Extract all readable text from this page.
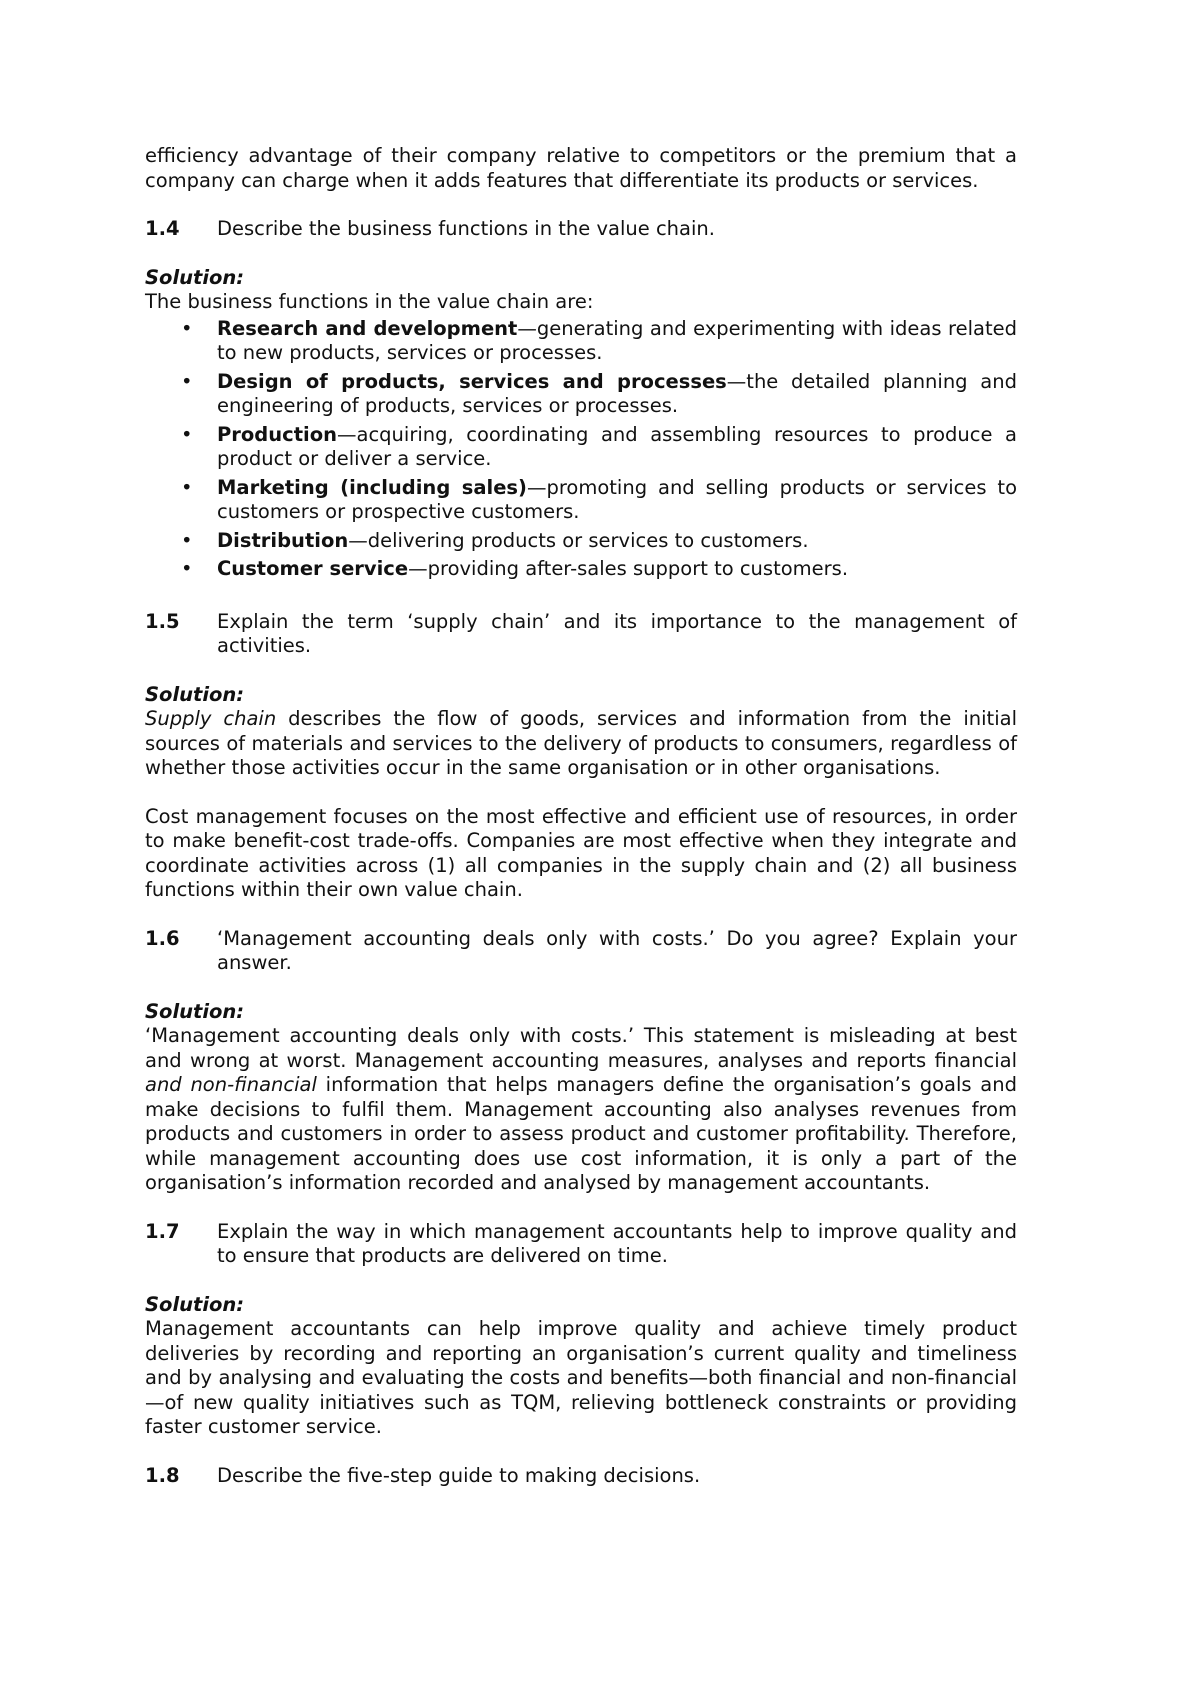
efficiency advantage of their company relative to competitors or the premium that a company can charge when it adds features that differentiate its products or services.

1.4	Describe the business functions in the value chain.

Solution:

The business functions in the value chain are:

•	Research and development—generating and experimenting with ideas related to new products, services or processes.
•	Design of products, services and processes—the detailed planning and engineering of products, services or processes.
•	Production—acquiring, coordinating and assembling resources to produce a product or deliver a service.
•	Marketing (including sales)—promoting and selling products or services to customers or prospective customers.
•	Distribution—delivering products or services to customers.
•	Customer service—providing after-sales support to customers.
1.5	Explain the term ‘supply chain’ and its importance to the management of activities.

Solution:

Supply chain describes the flow of goods, services and information from the initial sources of materials and services to the delivery of products to consumers, regardless of whether those activities occur in the same organisation or in other organisations.

Cost management focuses on the most effective and efficient use of resources, in order to make benefit-cost trade-offs. Companies are most effective when they integrate and coordinate activities across (1) all companies in the supply chain and (2) all business functions within their own value chain.

1.6	‘Management accounting deals only with costs.’ Do you agree? Explain your answer.

Solution:

‘Management accounting deals only with costs.’ This statement is misleading at best and wrong at worst. Management accounting measures, analyses and reports financial and non-financial information that helps managers define the organisation’s goals and make decisions to fulfil them. Management accounting also analyses revenues from products and customers in order to assess product and customer profitability. Therefore, while management accounting does use cost information, it is only a part of the organisation’s information recorded and analysed by management accountants.

1.7	Explain the way in which management accountants help to improve quality and to ensure that products are delivered on time.

Solution:

Management accountants can help improve quality and achieve timely product deliveries by recording and reporting an organisation’s current quality and timeliness and by analysing and evaluating the costs and benefits—both financial and non-financial—of new quality initiatives such as TQM, relieving bottleneck constraints or providing faster customer service.

1.8	Describe the five-step guide to making decisions.
